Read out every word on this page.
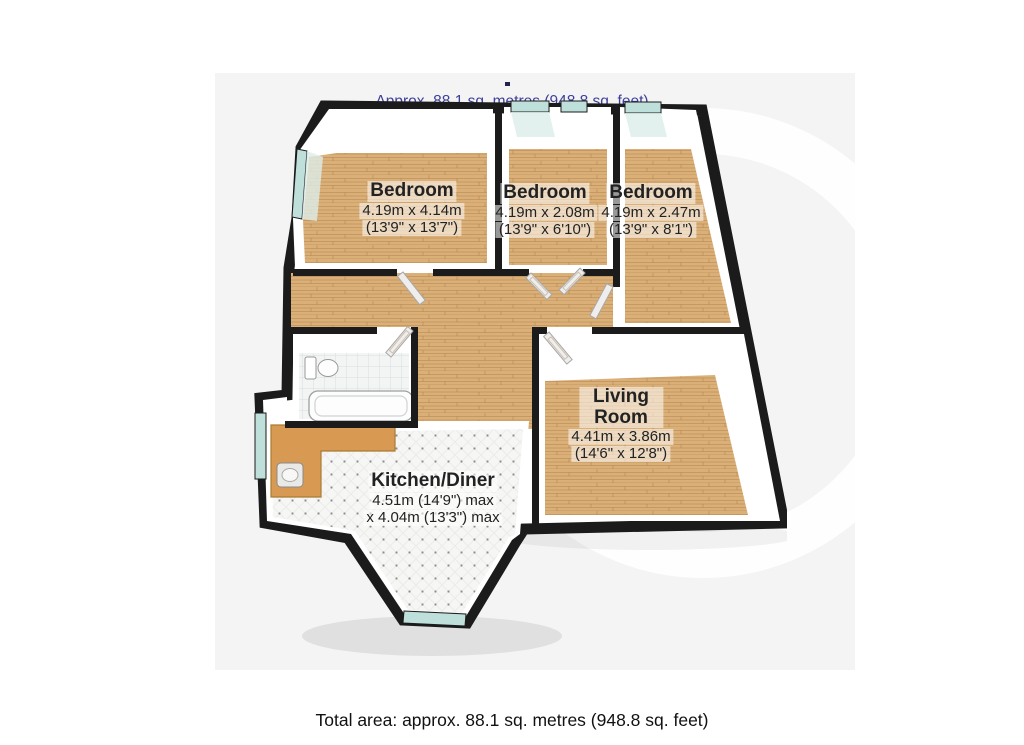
88.1 sq. sq.
Bedroom
4.19m x 4.14m
(13'9" x 13'7")
Bedroom
4.19m x 2.08m
(13'9" x 6'10")
Bedroom
4.19m x 2.47m
(13'9" x 8'1")
Living Room
4.41m x 3.86m
(14'6" x 12'8")
Kitchen/Diner
4.51m (14'9") max
x 4.04m (13'3") max
Total area: approx. 88.1 sq. metres (948.8 sq. feet)
